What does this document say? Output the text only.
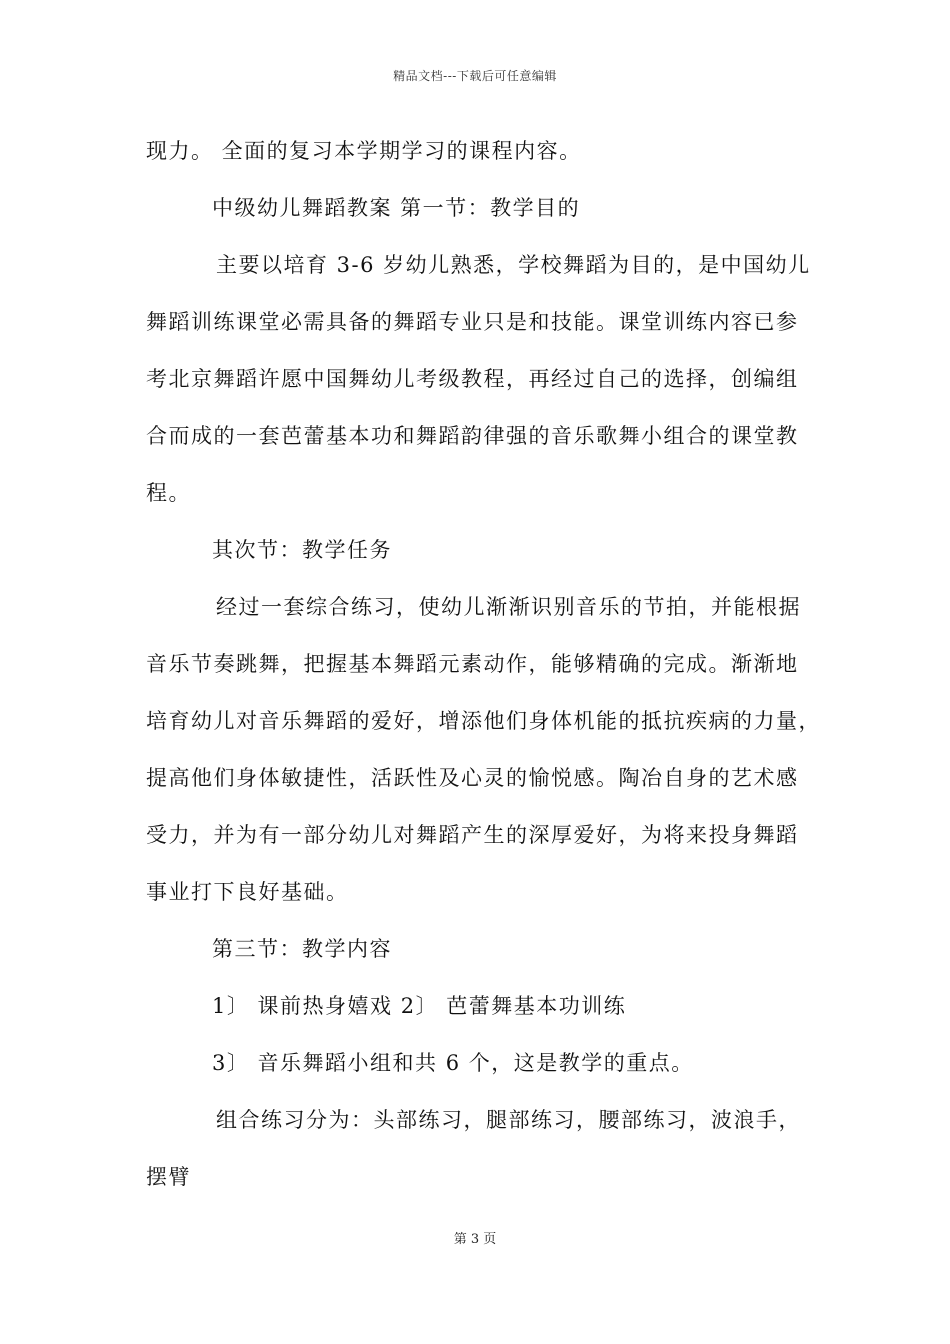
精品文档---下载后可任意编辑
现力。 全面的复习本学期学习的课程内容。
中级幼儿舞蹈教案 第一节：教学目的
主要以培育 3-6 岁幼儿熟悉，学校舞蹈为目的，是中国幼儿
舞蹈训练课堂必需具备的舞蹈专业只是和技能。课堂训练内容已参
考北京舞蹈许愿中国舞幼儿考级教程，再经过自己的选择，创编组
合而成的一套芭蕾基本功和舞蹈韵律强的音乐歌舞小组合的课堂教
程。
其次节：教学任务
经过一套综合练习，使幼儿渐渐识别音乐的节拍，并能根据
音乐节奏跳舞，把握基本舞蹈元素动作，能够精确的完成。渐渐地
培育幼儿对音乐舞蹈的爱好，增添他们身体机能的抵抗疾病的力量，
提高他们身体敏捷性，活跃性及心灵的愉悦感。陶冶自身的艺术感
受力，并为有一部分幼儿对舞蹈产生的深厚爱好，为将来投身舞蹈
事业打下良好基础。
第三节：教学内容
1〕 课前热身嬉戏 2〕 芭蕾舞基本功训练
3〕 音乐舞蹈小组和共 6 个，这是教学的重点。
组合练习分为：头部练习，腿部练习，腰部练习，波浪手，
摆臂
第 3 页
